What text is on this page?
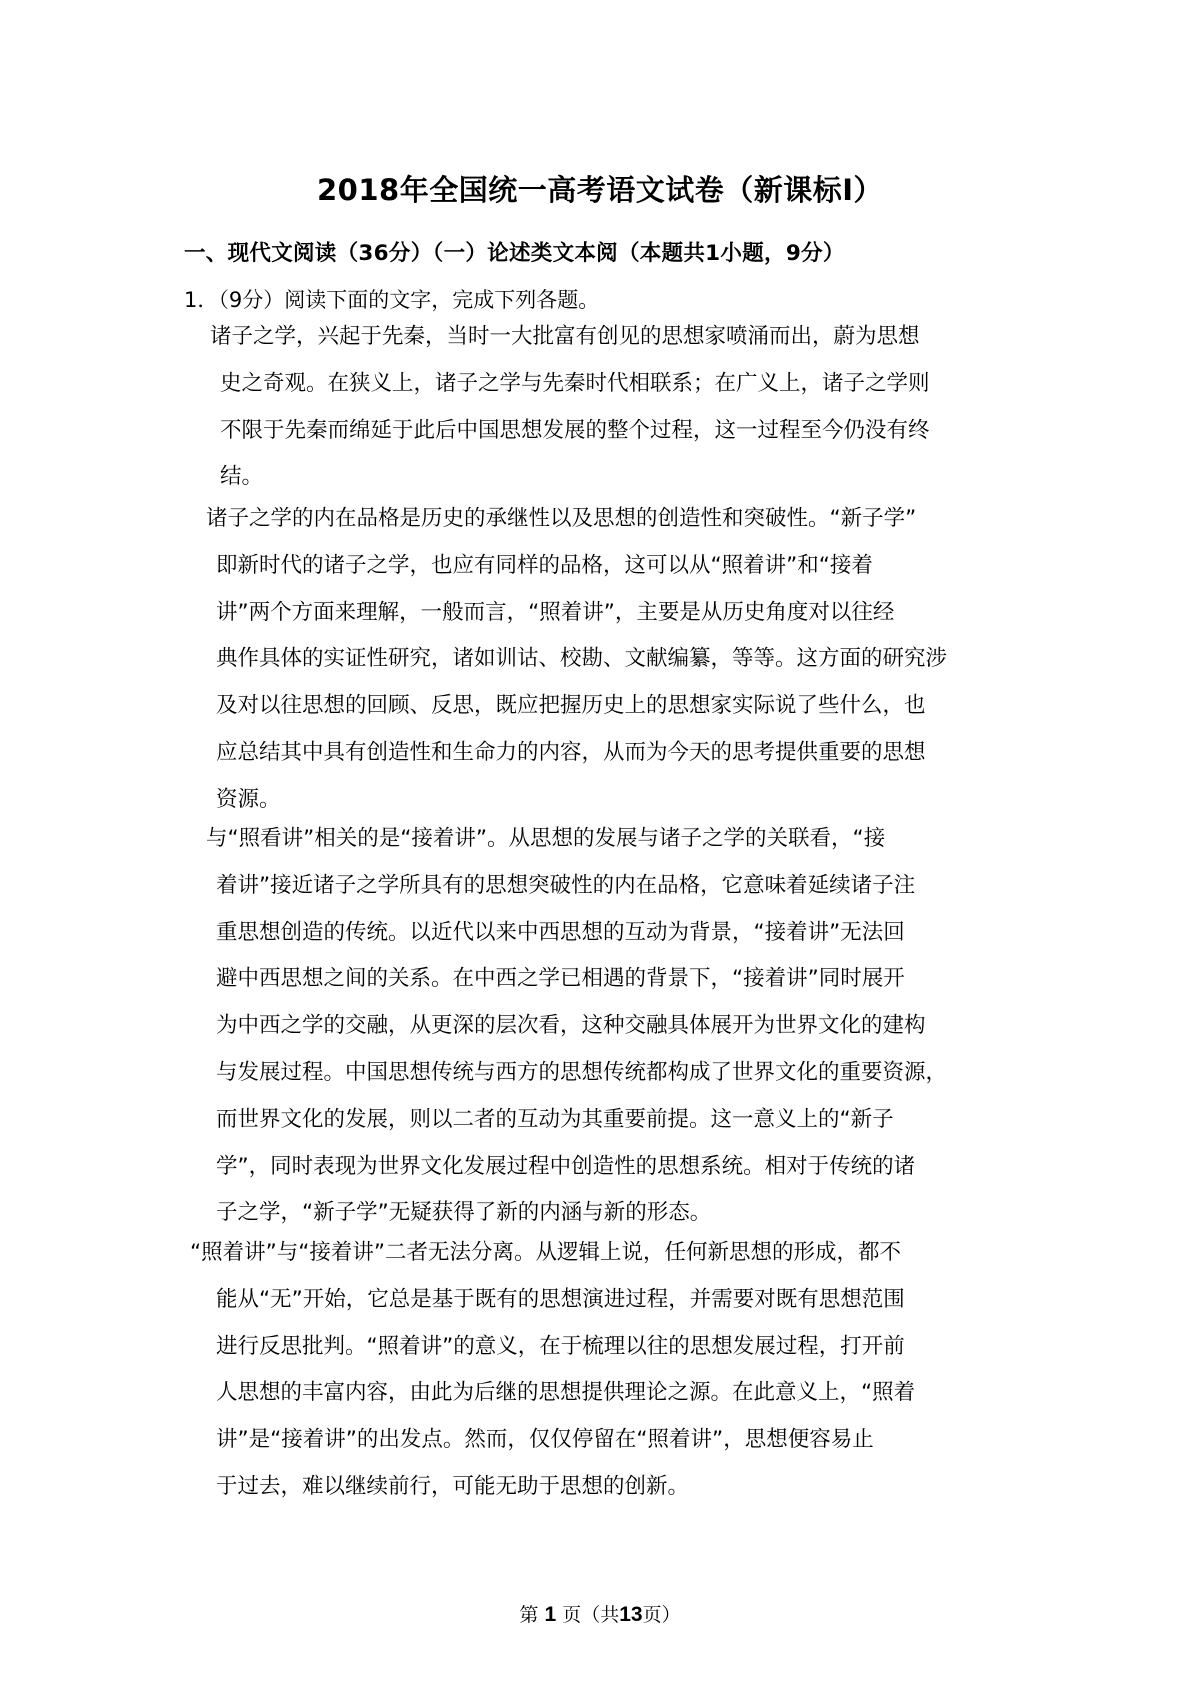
2018年全国统一高考语文试卷（新课标Ⅰ）
一、现代文阅读（36分）（一）论述类文本阅（本题共1小题，9分）
1．（9分）阅读下面的文字，完成下列各题。
诸子之学，兴起于先秦，当时一大批富有创见的思想家喷涌而出，蔚为思想
史之奇观。在狭义上，诸子之学与先秦时代相联系；在广义上，诸子之学则
不限于先秦而绵延于此后中国思想发展的整个过程，这一过程至今仍没有终
结。
诸子之学的内在品格是历史的承继性以及思想的创造性和突破性。“新子学”
即新时代的诸子之学，也应有同样的品格，这可以从“照着讲”和“接着
讲”两个方面来理解，一般而言，“照着讲”，主要是从历史角度对以往经
典作具体的实证性研究，诸如训诂、校勘、文献编纂，等等。这方面的研究涉
及对以往思想的回顾、反思，既应把握历史上的思想家实际说了些什么，也
应总结其中具有创造性和生命力的内容，从而为今天的思考提供重要的思想
资源。
与“照看讲”相关的是“接着讲”。从思想的发展与诸子之学的关联看，“接
着讲”接近诸子之学所具有的思想突破性的内在品格，它意味着延续诸子注
重思想创造的传统。以近代以来中西思想的互动为背景，“接着讲”无法回
避中西思想之间的关系。在中西之学已相遇的背景下，“接着讲”同时展开
为中西之学的交融，从更深的层次看，这种交融具体展开为世界文化的建构
与发展过程。中国思想传统与西方的思想传统都构成了世界文化的重要资源，
而世界文化的发展，则以二者的互动为其重要前提。这一意义上的“新子
学”，同时表现为世界文化发展过程中创造性的思想系统。相对于传统的诸
子之学，“新子学”无疑获得了新的内涵与新的形态。
“照着讲”与“接着讲”二者无法分离。从逻辑上说，任何新思想的形成，都不
能从“无”开始，它总是基于既有的思想演进过程，并需要对既有思想范围
进行反思批判。“照着讲”的意义，在于梳理以往的思想发展过程，打开前
人思想的丰富内容，由此为后继的思想提供理论之源。在此意义上，“照着
讲”是“接着讲”的出发点。然而，仅仅停留在“照着讲”，思想便容易止
于过去，难以继续前行，可能无助于思想的创新。
第 1 页（共13页）
